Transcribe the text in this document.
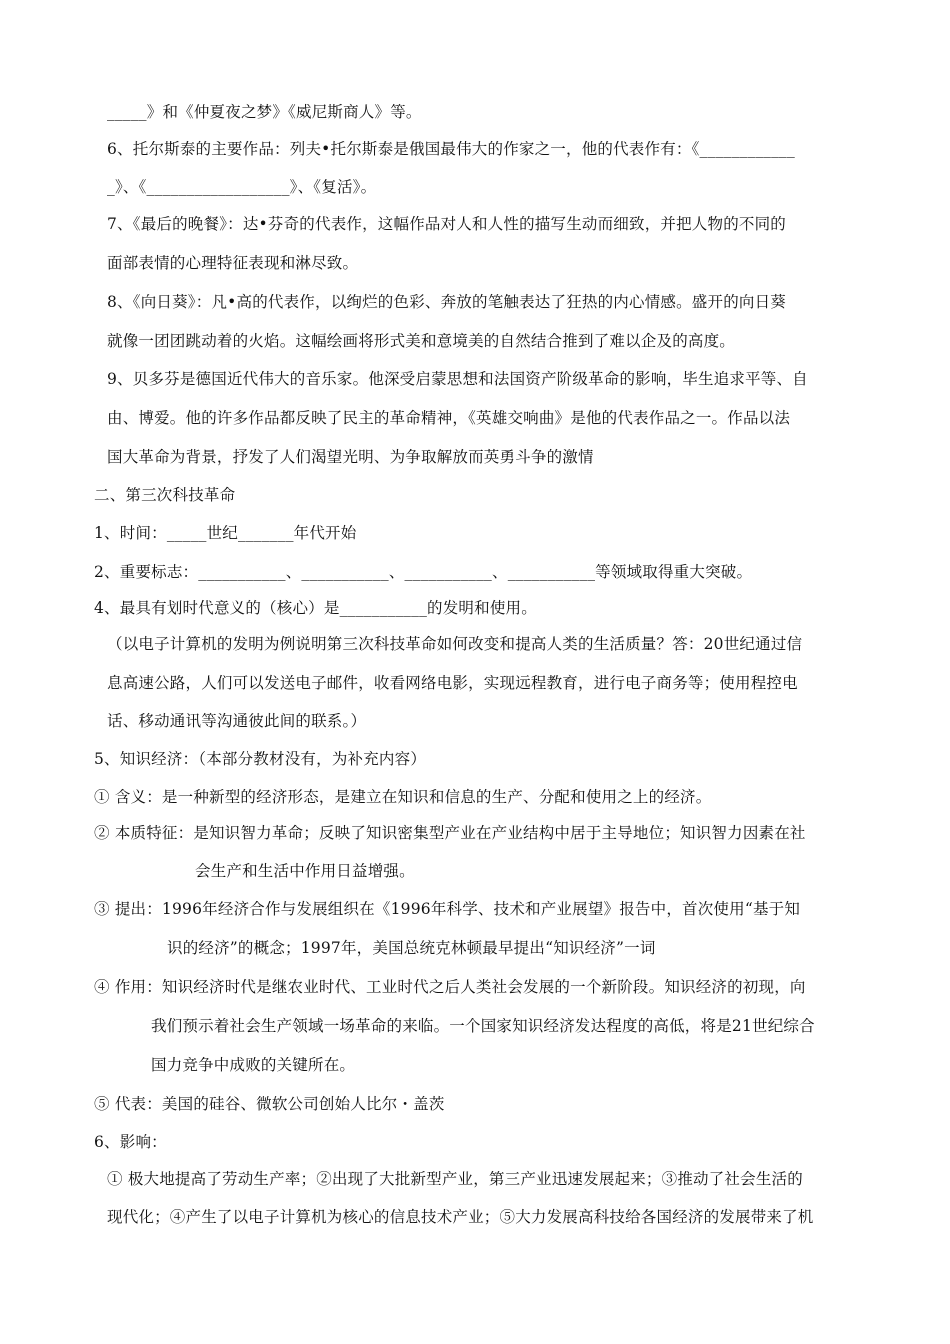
_____》和《仲夏夜之梦》《威尼斯商人》等。
6、托尔斯泰的主要作品：列夫•托尔斯泰是俄国最伟大的作家之一，他的代表作有：《____________
_》、《__________________》、《复活》。
7、《最后的晚餐》：达•芬奇的代表作，这幅作品对人和人性的描写生动而细致，并把人物的不同的
面部表情的心理特征表现和淋尽致。
8、《向日葵》：凡•高的代表作，以绚烂的色彩、奔放的笔触表达了狂热的内心情感。盛开的向日葵
就像一团团跳动着的火焰。这幅绘画将形式美和意境美的自然结合推到了难以企及的高度。
9、贝多芬是德国近代伟大的音乐家。他深受启蒙思想和法国资产阶级革命的影响，毕生追求平等、自
由、博爱。他的许多作品都反映了民主的革命精神，《英雄交响曲》是他的代表作品之一。作品以法
国大革命为背景，抒发了人们渴望光明、为争取解放而英勇斗争的激情
二、第三次科技革命
1、时间：_____世纪_______年代开始
2、重要标志：___________、___________、___________、___________等领域取得重大突破。
4、最具有划时代意义的（核心）是___________的发明和使用。
（以电子计算机的发明为例说明第三次科技革命如何改变和提高人类的生活质量？答：20世纪通过信
息高速公路，人们可以发送电子邮件，收看网络电影，实现远程教育，进行电子商务等；使用程控电
话、移动通讯等沟通彼此间的联系。）
5、知识经济：（本部分教材没有，为补充内容）
① 含义：是一种新型的经济形态，是建立在知识和信息的生产、分配和使用之上的经济。
② 本质特征：是知识智力革命；反映了知识密集型产业在产业结构中居于主导地位；知识智力因素在社
会生产和生活中作用日益增强。
③ 提出：1996年经济合作与发展组织在《1996年科学、技术和产业展望》报告中，首次使用“基于知
识的经济”的概念；1997年，美国总统克林顿最早提出“知识经济”一词
④ 作用：知识经济时代是继农业时代、工业时代之后人类社会发展的一个新阶段。知识经济的初现，向
我们预示着社会生产领域一场革命的来临。一个国家知识经济发达程度的高低，将是21世纪综合
国力竞争中成败的关键所在。
⑤ 代表：美国的硅谷、微软公司创始人比尔・盖茨
6、影响：
① 极大地提高了劳动生产率；②出现了大批新型产业，第三产业迅速发展起来；③推动了社会生活的
现代化；④产生了以电子计算机为核心的信息技术产业；⑤大力发展高科技给各国经济的发展带来了机
